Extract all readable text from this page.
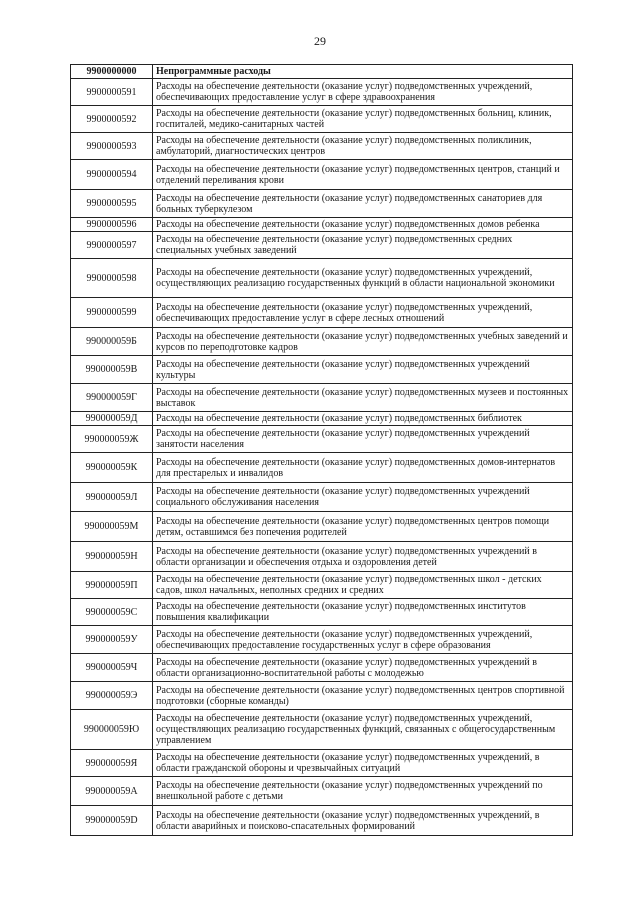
29
9900000000	Непрограммные расходы
9900000591	Расходы на обеспечение деятельности (оказание услуг) подведомственных учреждений, обеспечивающих предоставление услуг в сфере здравоохранения
9900000592	Расходы на обеспечение деятельности (оказание услуг) подведомственных больниц, клиник, госпиталей, медико-санитарных частей
9900000593	Расходы на обеспечение деятельности (оказание услуг) подведомственных поликлиник, амбулаторий, диагностических центров
9900000594	Расходы на обеспечение деятельности (оказание услуг) подведомственных центров, станций и отделений переливания крови
9900000595	Расходы на обеспечение деятельности (оказание услуг) подведомственных санаториев для больных туберкулезом
9900000596	Расходы на обеспечение деятельности (оказание услуг) подведомственных домов ребенка
9900000597	Расходы на обеспечение деятельности (оказание услуг) подведомственных средних специальных учебных заведений
9900000598	Расходы на обеспечение деятельности (оказание услуг) подведомственных учреждений, осуществляющих реализацию государственных функций в области национальной экономики
9900000599	Расходы на обеспечение деятельности (оказание услуг) подведомственных учреждений, обеспечивающих предоставление услуг в сфере лесных отношений
990000059Б	Расходы на обеспечение деятельности (оказание услуг) подведомственных учебных заведений и курсов по переподготовке кадров
990000059В	Расходы на обеспечение деятельности (оказание услуг) подведомственных учреждений культуры
990000059Г	Расходы на обеспечение деятельности (оказание услуг) подведомственных музеев и постоянных выставок
990000059Д	Расходы на обеспечение деятельности (оказание услуг) подведомственных библиотек
990000059Ж	Расходы на обеспечение деятельности (оказание услуг) подведомственных учреждений занятости населения
990000059К	Расходы на обеспечение деятельности (оказание услуг) подведомственных домов-интернатов для престарелых и инвалидов
990000059Л	Расходы на обеспечение деятельности (оказание услуг) подведомственных учреждений социального обслуживания населения
990000059М	Расходы на обеспечение деятельности (оказание услуг) подведомственных центров помощи детям, оставшимся без попечения родителей
990000059Н	Расходы на обеспечение деятельности (оказание услуг) подведомственных учреждений в области организации и обеспечения отдыха и оздоровления детей
990000059П	Расходы на обеспечение деятельности (оказание услуг) подведомственных школ - детских садов, школ начальных, неполных средних и средних
990000059С	Расходы на обеспечение деятельности (оказание услуг) подведомственных институтов повышения квалификации
990000059У	Расходы на обеспечение деятельности (оказание услуг) подведомственных учреждений, обеспечивающих предоставление государственных услуг в сфере образования
990000059Ч	Расходы на обеспечение деятельности (оказание услуг) подведомственных учреждений в области организационно-воспитательной работы с молодежью
990000059Э	Расходы на обеспечение деятельности (оказание услуг) подведомственных центров спортивной подготовки (сборные команды)
990000059Ю	Расходы на обеспечение деятельности (оказание услуг) подведомственных учреждений, осуществляющих реализацию государственных функций, связанных с общегосударственным управлением
990000059Я	Расходы на обеспечение деятельности (оказание услуг) подведомственных учреждений, в области гражданской обороны и чрезвычайных ситуаций
990000059A	Расходы на обеспечение деятельности (оказание услуг) подведомственных учреждений по внешкольной работе с детьми
990000059D	Расходы на обеспечение деятельности (оказание услуг) подведомственных учреждений, в области аварийных и поисково-спасательных формирований
